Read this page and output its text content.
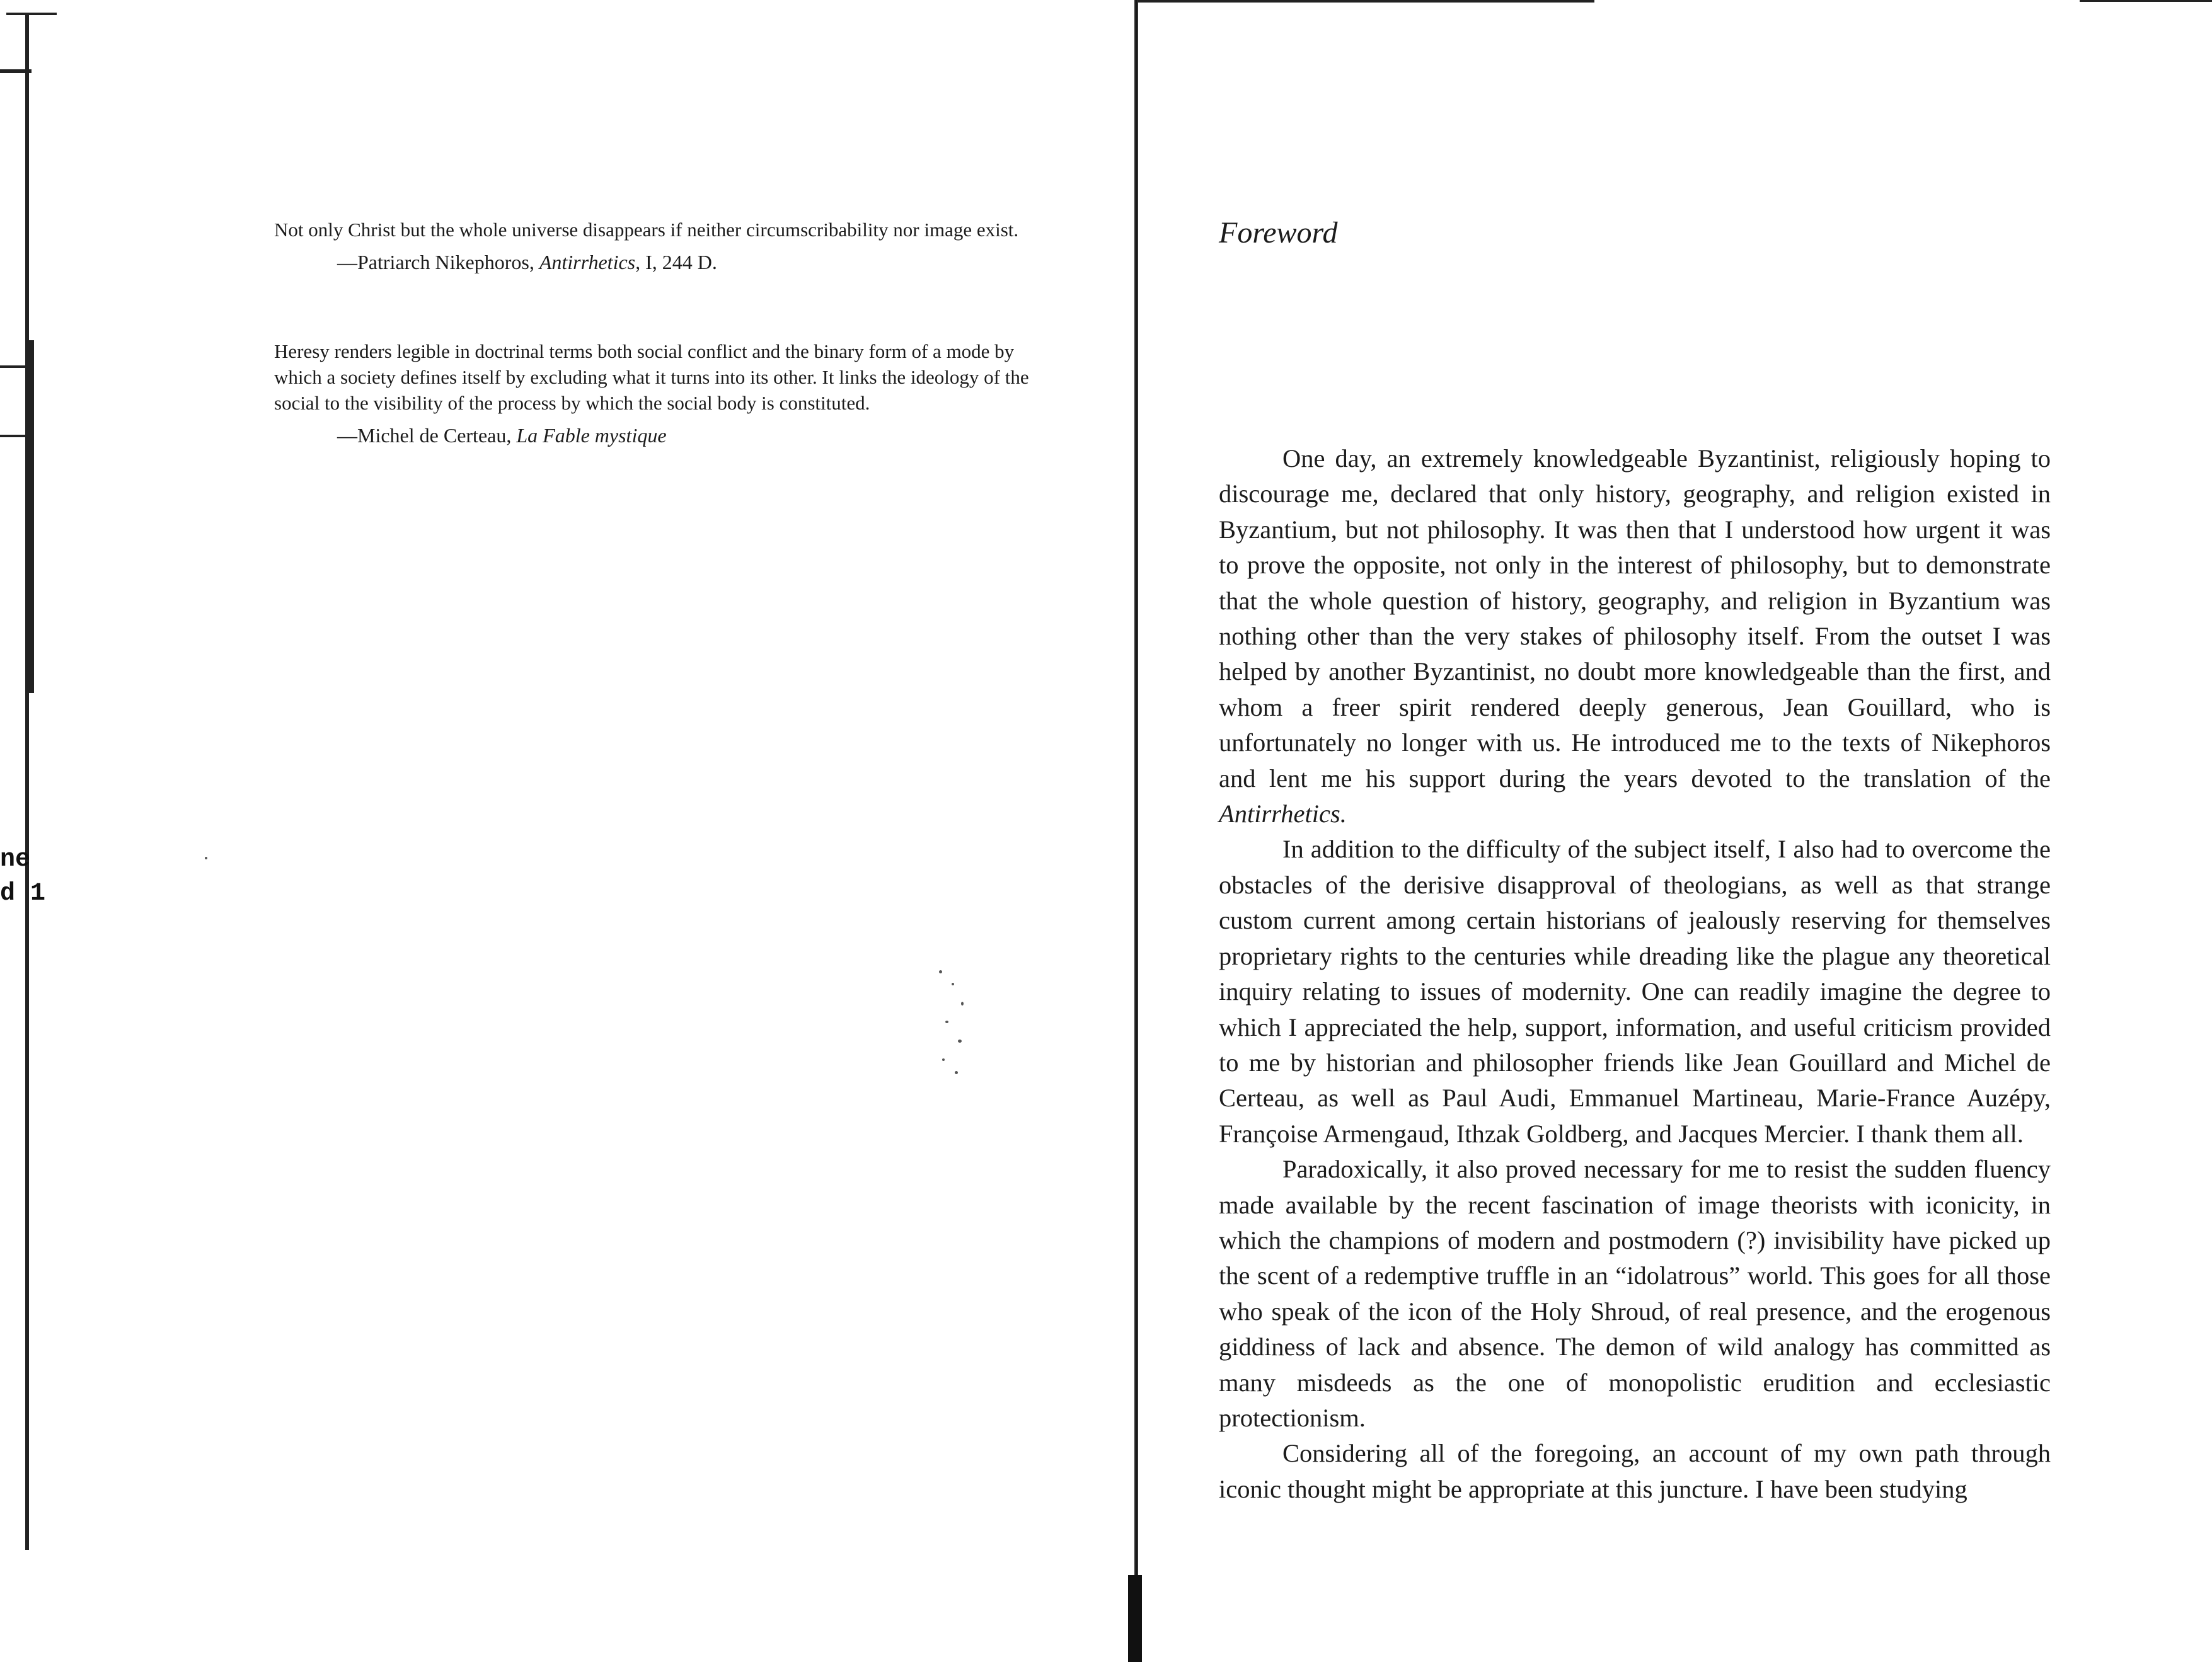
ne
d 1

Not only Christ but the whole universe disappears if neither circumscribability nor image exist.

—Patriarch Nikephoros, Antirrhetics, I, 244 D.

Heresy renders legible in doctrinal terms both social conflict and the binary form of a mode by which a society defines itself by excluding what it turns into its other. It links the ideology of the social to the visibility of the process by which the social body is constituted.

—Michel de Certeau, La Fable mystique

Foreword

One day, an extremely knowledgeable Byzantinist, religiously hoping to discourage me, declared that only history, geography, and religion existed in Byzantium, but not philosophy. It was then that I understood how urgent it was to prove the opposite, not only in the interest of philosophy, but to demonstrate that the whole question of history, geography, and religion in Byzantium was nothing other than the very stakes of philosophy itself. From the outset I was helped by another Byzantinist, no doubt more knowledgeable than the first, and whom a freer spirit rendered deeply generous, Jean Gouillard, who is unfortunately no longer with us. He introduced me to the texts of Nikephoros and lent me his support during the years devoted to the translation of the Antirrhetics.

In addition to the difficulty of the subject itself, I also had to overcome the obstacles of the derisive disapproval of theologians, as well as that strange custom current among certain historians of jealously reserving for themselves proprietary rights to the centuries while dreading like the plague any theoretical inquiry relating to issues of modernity. One can readily imagine the degree to which I appreciated the help, support, information, and useful criticism provided to me by historian and philosopher friends like Jean Gouillard and Michel de Certeau, as well as Paul Audi, Emmanuel Martineau, Marie-France Auzépy, Françoise Armengaud, Ithzak Goldberg, and Jacques Mercier. I thank them all.

Paradoxically, it also proved necessary for me to resist the sudden fluency made available by the recent fascination of image theorists with iconicity, in which the champions of modern and postmodern (?) invisibility have picked up the scent of a redemptive truffle in an “idolatrous” world. This goes for all those who speak of the icon of the Holy Shroud, of real presence, and the erogenous giddiness of lack and absence. The demon of wild analogy has committed as many misdeeds as the one of monopolistic erudition and ecclesiastic protectionism.

Considering all of the foregoing, an account of my own path through iconic thought might be appropriate at this juncture. I have been studying
